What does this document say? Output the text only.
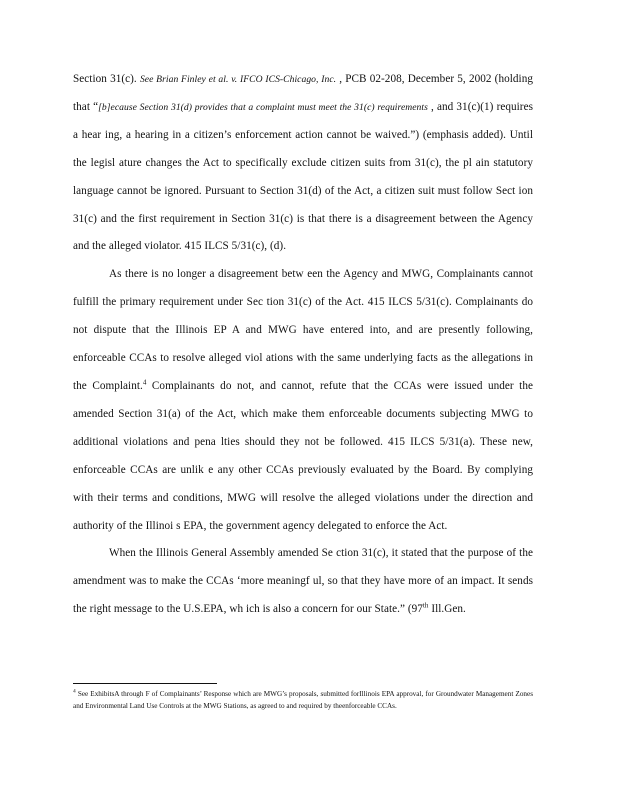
Section 31(c). See Brian Finley et al. v. IFCO ICS-Chicago, Inc. , PCB 02-208, December 5, 2002 (holding that “[b]ecause Section 31(d) provides that a complaint must meet the 31(c) requirements , and 31(c)(1) requires a hear ing, a hearing in a citizen’s enforcement action cannot be waived.”) (emphasis added). Until the legisl ature changes the Act to specifically exclude citizen suits from 31(c), the pl ain statutory language cannot be ignored. Pursuant to Section 31(d) of the Act, a citizen suit must follow Sect ion 31(c) and the first requirement in Section 31(c) is that there is a disagreement between the Agency and the alleged violator. 415 ILCS 5/31(c), (d).

As there is no longer a disagreement betw een the Agency and MWG, Complainants cannot fulfill the primary requirement under Sec tion 31(c) of the Act. 415 ILCS 5/31(c). Complainants do not dispute that the Illinois EP A and MWG have entered into, and are presently following, enforceable CCAs to resolve alleged viol ations with the same underlying facts as the allegations in the Complaint.$^4$ Complainants do not, and cannot, refute that the CCAs were issued under the amended Section 31(a) of the Act, which make them enforceable documents subjecting MWG to additional violations and pena lties should they not be followed. 415 ILCS 5/31(a). These new, enforceable CCAs are unlik e any other CCAs previously evaluated by the Board. By complying with their terms and conditions, MWG will resolve the alleged violations under the direction and authority of the Illinoi s EPA, the government agency delegated to enforce the Act.

When the Illinois General Assembly amended Se ction 31(c), it stated that the purpose of the amendment was to make the CCAs ‘more meaningf ul, so that they have more of an impact. It sends the right message to the U.S.EPA, wh ich is also a concern for our State.” (97th Ill.Gen.

$^4$ See ExhibitsA through F of Complainants’ Response which are MWG’s proposals, submitted forIllinois EPA approval, for Groundwater Management Zones and Environmental Land Use Controls at the MWG Stations, as agreed to and required by theenforceable CCAs.
